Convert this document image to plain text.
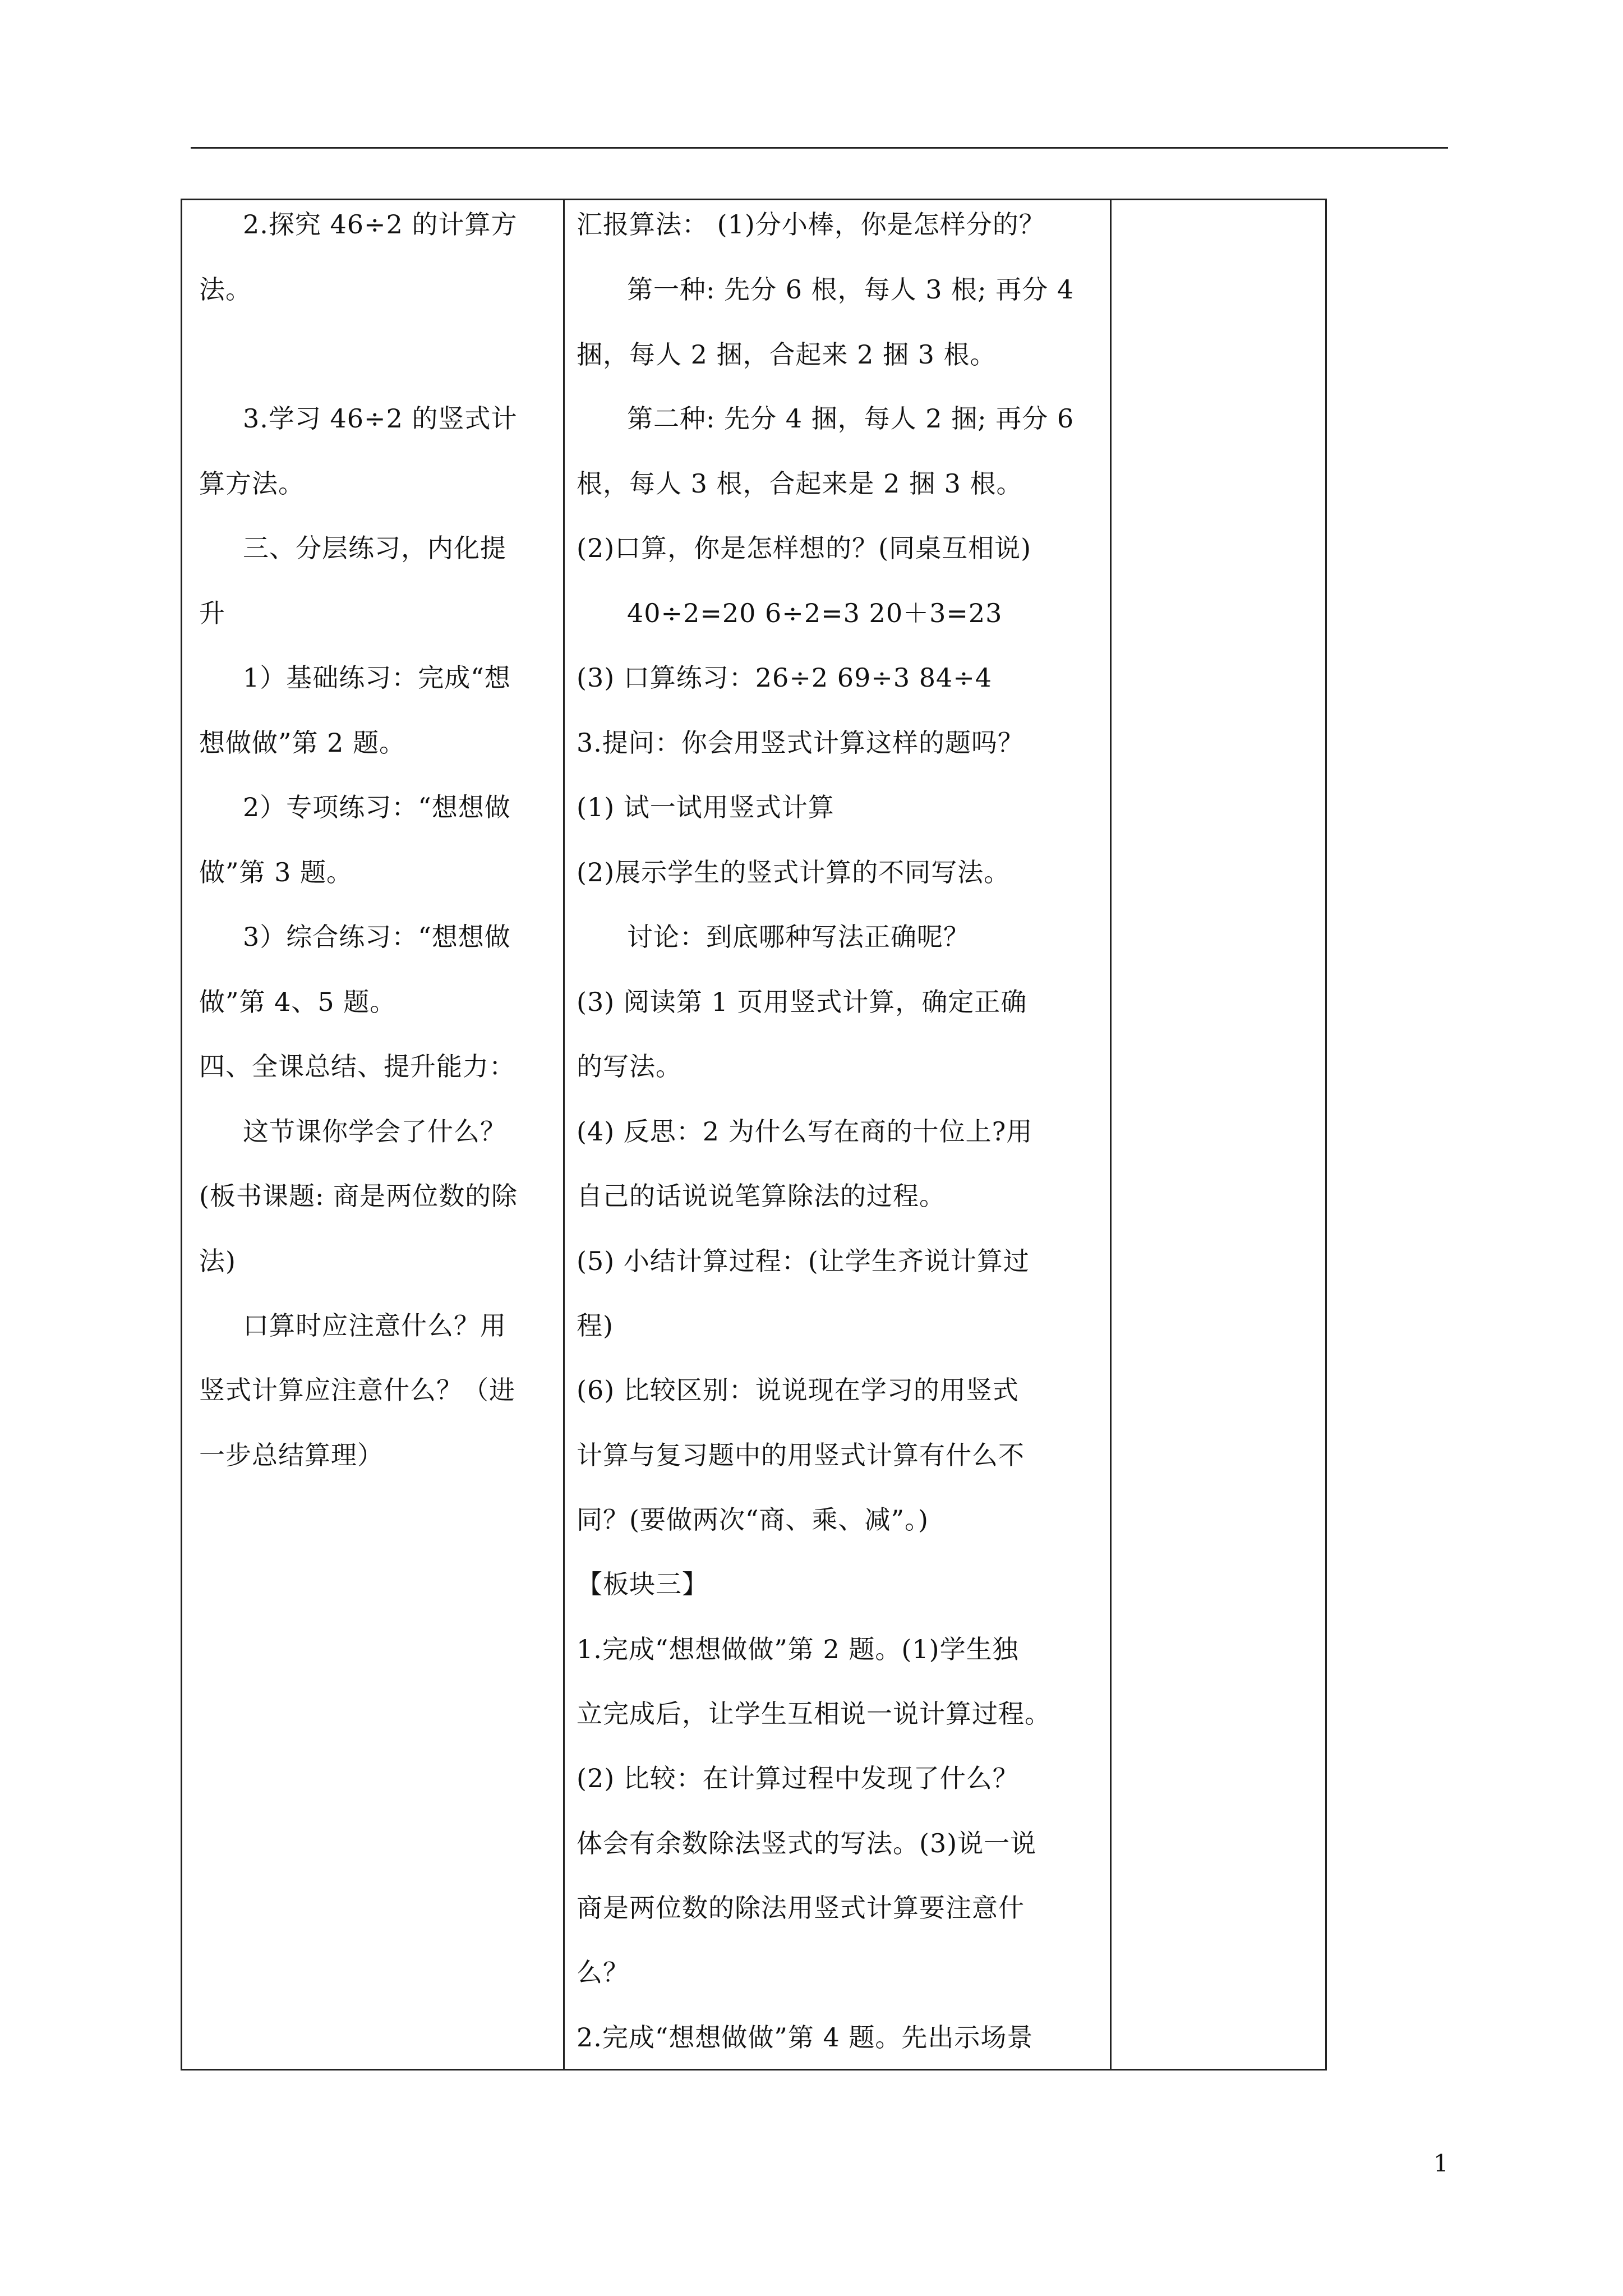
2.探究 46÷2 的计算方
法。
3.学习 46÷2 的竖式计
算方法。
三、分层练习，内化提
升
1）基础练习：完成“想
想做做”第 2 题。
2）专项练习：“想想做
做”第 3 题。
3）综合练习：“想想做
做”第 4、5 题。
四、全课总结、提升能力：
这节课你学会了什么？
(板书课题: 商是两位数的除
法)
口算时应注意什么？用
竖式计算应注意什么？（进
一步总结算理）
汇报算法： (1)分小棒，你是怎样分的？
第一种: 先分 6 根，每人 3 根; 再分 4
捆，每人 2 捆，合起来 2 捆 3 根。
第二种: 先分 4 捆，每人 2 捆; 再分 6
根，每人 3 根，合起来是 2 捆 3 根。
(2)口算，你是怎样想的？(同桌互相说)
40÷2=20 6÷2=3 20＋3=23
(3) 口算练习：26÷2 69÷3 84÷4
3.提问：你会用竖式计算这样的题吗？
(1) 试一试用竖式计算
(2)展示学生的竖式计算的不同写法。
讨论：到底哪种写法正确呢？
(3) 阅读第 1 页用竖式计算，确定正确
的写法。
(4) 反思：2 为什么写在商的十位上?用
自己的话说说笔算除法的过程。
(5) 小结计算过程：(让学生齐说计算过
程)
(6) 比较区别：说说现在学习的用竖式
计算与复习题中的用竖式计算有什么不
同？(要做两次“商、乘、减”。)
【板块三】
1.完成“想想做做”第 2 题。(1)学生独
立完成后，让学生互相说一说计算过程。
(2) 比较：在计算过程中发现了什么？
体会有余数除法竖式的写法。(3)说一说
商是两位数的除法用竖式计算要注意什
么？
2.完成“想想做做”第 4 题。先出示场景
1
